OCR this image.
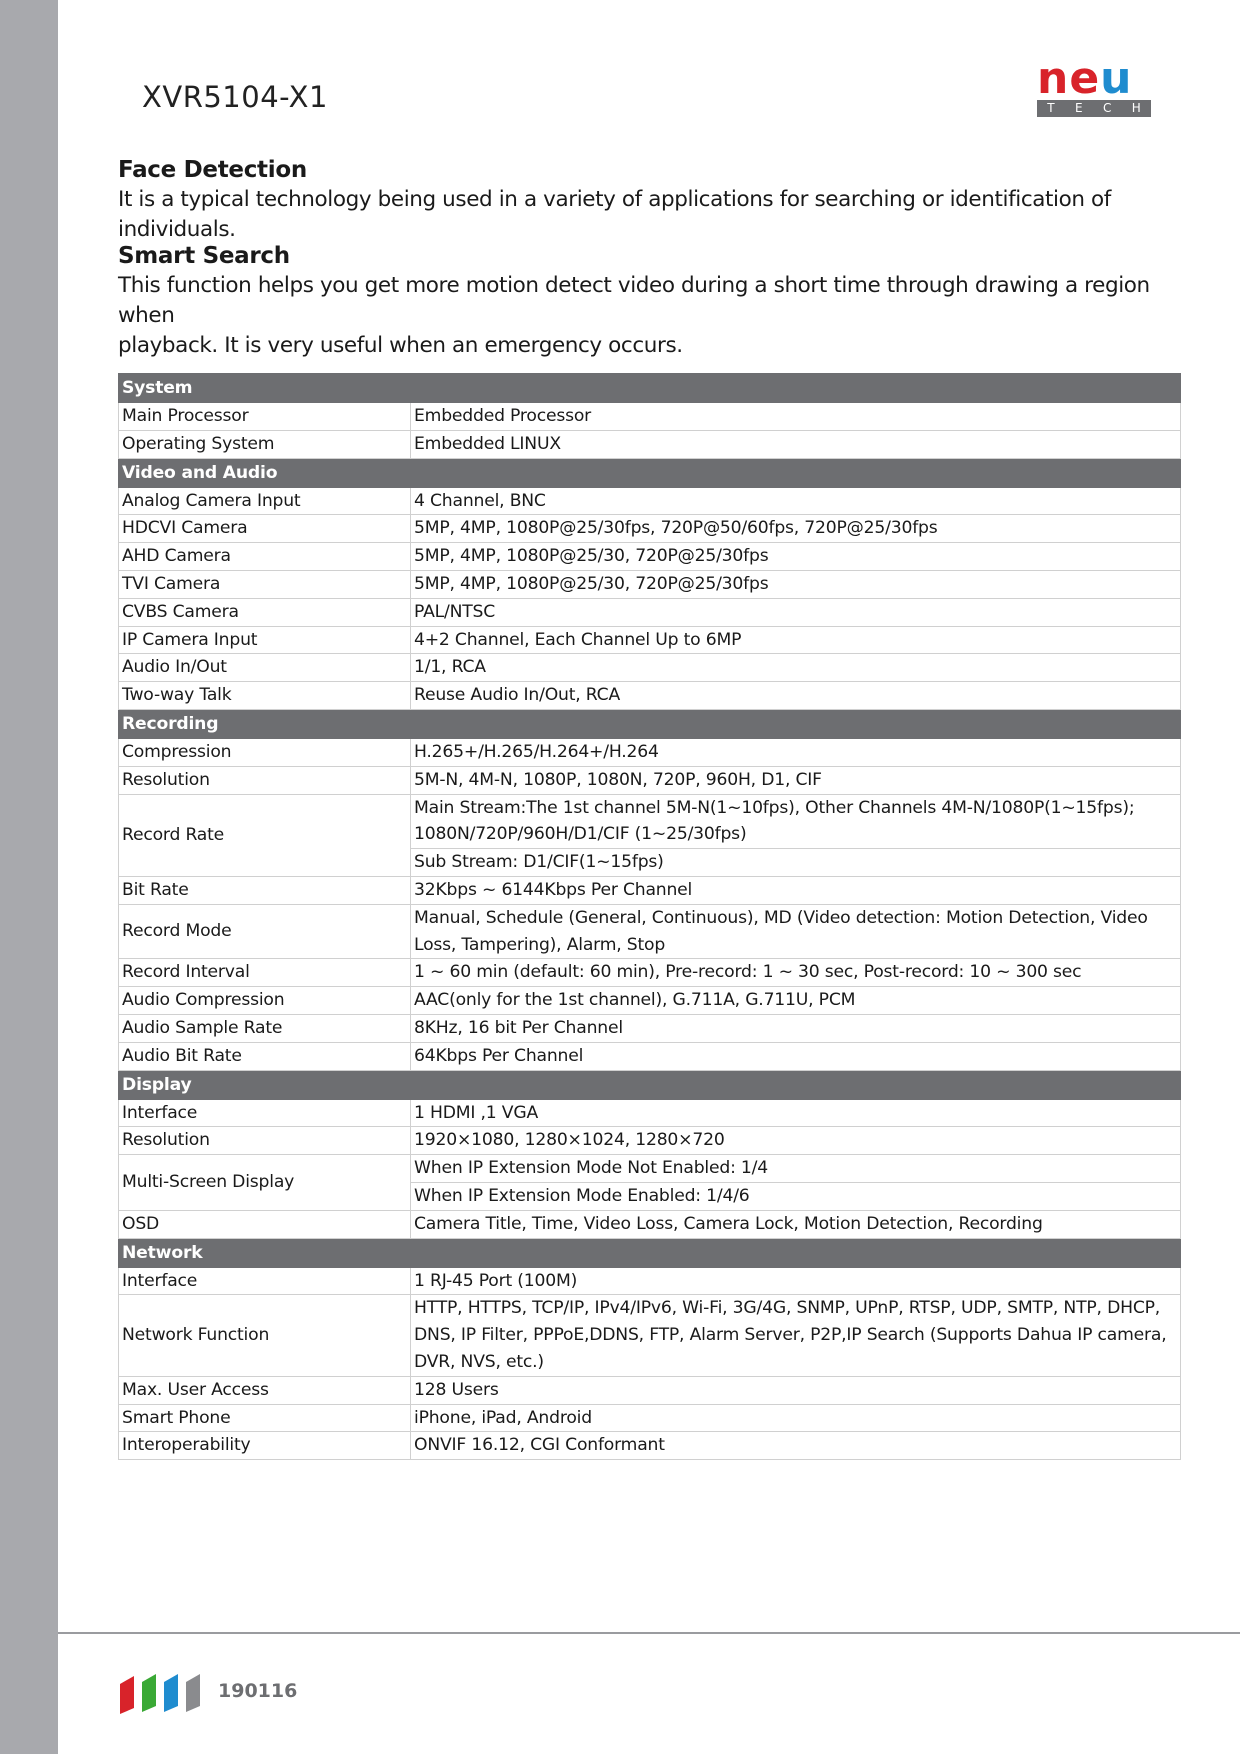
XVR5104-X1	neu
T E C H
Face Detection

It is a typical technology being used in a variety of applications for searching or identification of individuals.

Smart Search

This function helps you get more motion detect video during a short time through drawing a region when

playback. It is very useful when an emergency occurs.

System	
Main Processor	Embedded Processor
Operating System	Embedded LINUX
Video and Audio	
Analog Camera Input	4 Channel, BNC
HDCVI Camera	5MP, 4MP, 1080P@25/30fps, 720P@50/60fps, 720P@25/30fps
AHD Camera	5MP, 4MP, 1080P@25/30, 720P@25/30fps
TVI Camera	5MP, 4MP, 1080P@25/30, 720P@25/30fps
CVBS Camera	PAL/NTSC
IP Camera Input	4+2 Channel, Each Channel Up to 6MP
Audio In/Out	1/1, RCA
Two-way Talk	Reuse Audio In/Out, RCA
Recording	
Compression	H.265+/H.265/H.264+/H.264
Resolution	5M-N, 4M-N, 1080P, 1080N, 720P, 960H, D1, CIF
Record Rate	Main Stream:The 1st channel 5M-N(1~10fps), Other Channels 4M-N/1080P(1~15fps);
1080N/720P/960H/D1/CIF (1~25/30fps)

	Sub Stream: D1/CIF(1~15fps)
Bit Rate	32Kbps ~ 6144Kbps Per Channel
Record Mode	Manual, Schedule (General, Continuous), MD (Video detection: Motion Detection, Video
Loss, Tampering), Alarm, Stop

Record Interval	1 ~ 60 min (default: 60 min), Pre-record: 1 ~ 30 sec, Post-record: 10 ~ 300 sec
Audio Compression	AAC(only for the 1st channel), G.711A, G.711U, PCM
Audio Sample Rate	8KHz, 16 bit Per Channel
Audio Bit Rate	64Kbps Per Channel
Display	
Interface	1 HDMI ,1 VGA
Resolution	1920×1080, 1280×1024, 1280×720
Multi-Screen Display	When IP Extension Mode Not Enabled: 1/4
	When IP Extension Mode Enabled: 1/4/6
OSD	Camera Title, Time, Video Loss, Camera Lock, Motion Detection, Recording
Network	
Interface	1 RJ-45 Port (100M)
Network Function	HTTP, HTTPS, TCP/IP, IPv4/IPv6, Wi-Fi, 3G/4G, SNMP, UPnP, RTSP, UDP, SMTP, NTP, DHCP,
DNS, IP Filter, PPPoE,DDNS, FTP, Alarm Server, P2P,IP Search (Supports Dahua IP camera,
DVR, NVS, etc.)

Max. User Access	128 Users
Smart Phone	iPhone, iPad, Android
Interoperability	ONVIF 16.12, CGI Conformant
190116
